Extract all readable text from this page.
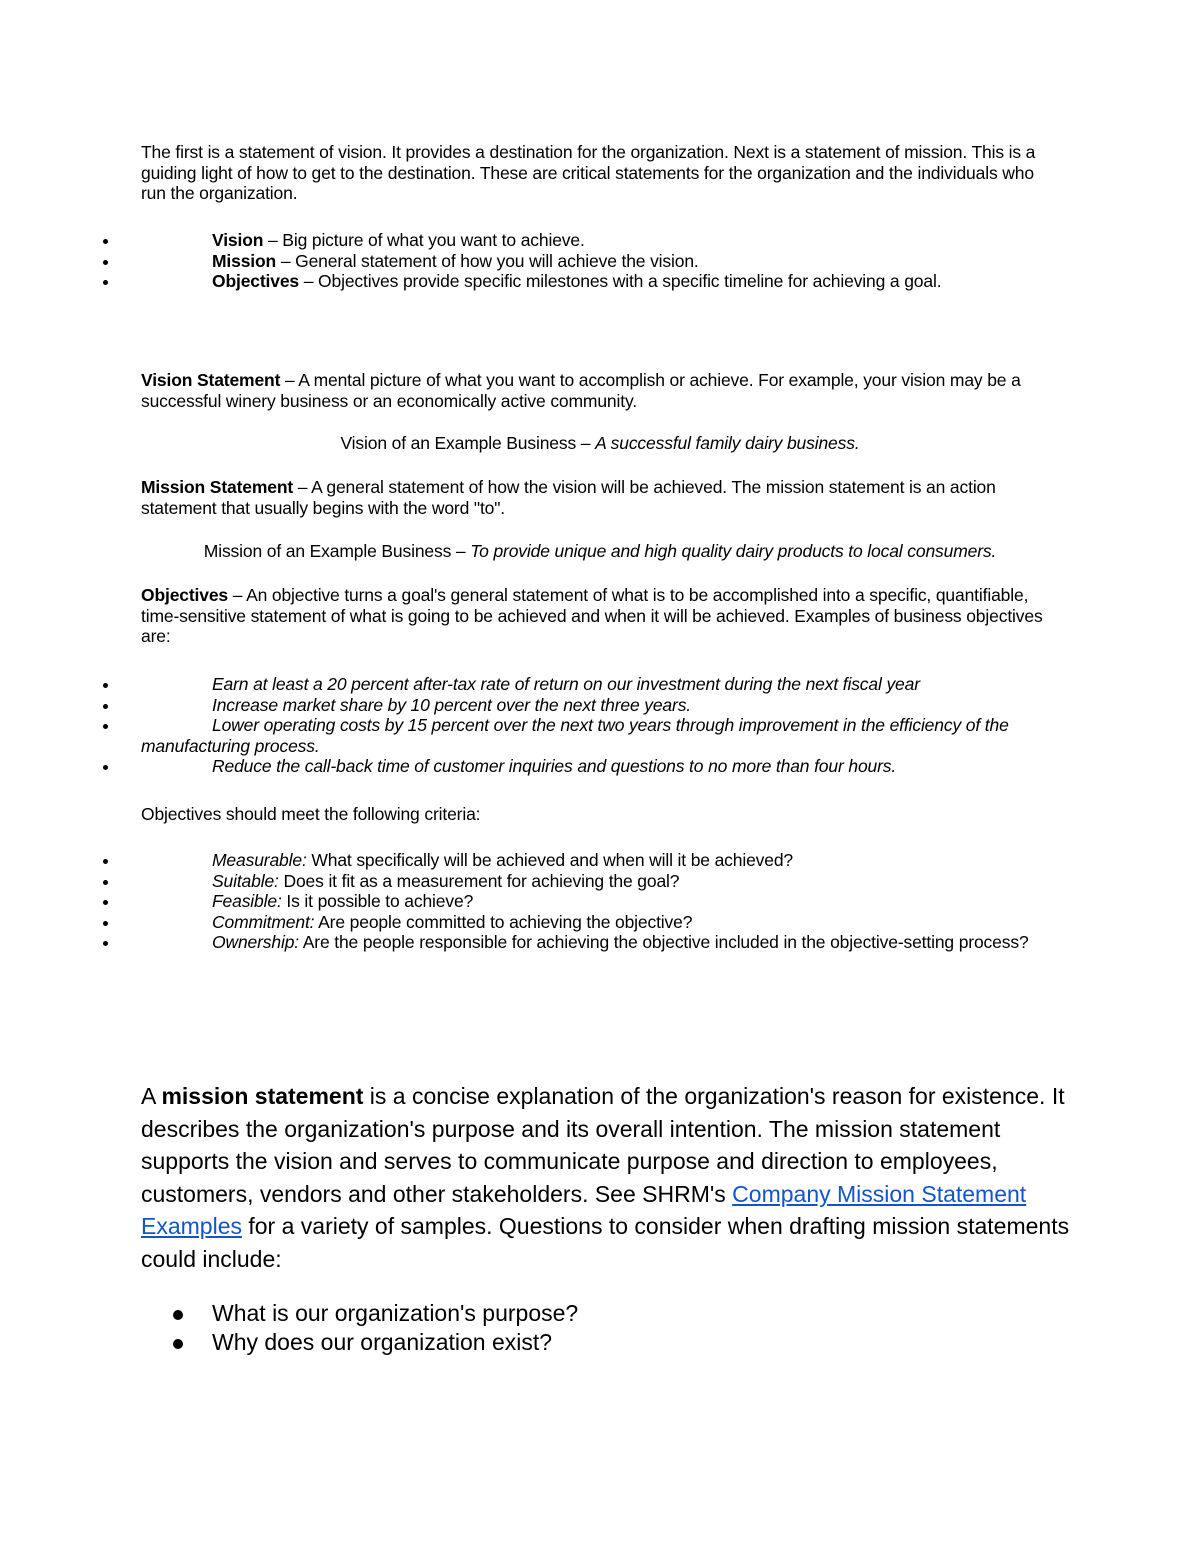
The first is a statement of vision. It provides a destination for the organization. Next is a statement of mission. This is a guiding light of how to get to the destination. These are critical statements for the organization and the individuals who run the organization.

Vision – Big picture of what you want to achieve.

Mission – General statement of how you will achieve the vision.

Objectives – Objectives provide specific milestones with a specific timeline for achieving a goal.

Vision Statement – A mental picture of what you want to accomplish or achieve. For example, your vision may be a successful winery business or an economically active community.

Vision of an Example Business – A successful family dairy business.

Mission Statement – A general statement of how the vision will be achieved. The mission statement is an action statement that usually begins with the word "to".

Mission of an Example Business – To provide unique and high quality dairy products to local consumers.

Objectives – An objective turns a goal's general statement of what is to be accomplished into a specific, quantifiable, time-sensitive statement of what is going to be achieved and when it will be achieved. Examples of business objectives are:

Earn at least a 20 percent after-tax rate of return on our investment during the next fiscal year

Increase market share by 10 percent over the next three years.

Lower operating costs by 15 percent over the next two years through improvement in the efficiency of the manufacturing process.

Reduce the call-back time of customer inquiries and questions to no more than four hours.

Objectives should meet the following criteria:

Measurable: What specifically will be achieved and when will it be achieved?

Suitable: Does it fit as a measurement for achieving the goal?

Feasible: Is it possible to achieve?

Commitment: Are people committed to achieving the objective?

Ownership: Are the people responsible for achieving the objective included in the objective-setting process?

A mission statement is a concise explanation of the organization's reason for existence. It describes the organization's purpose and its overall intention. The mission statement supports the vision and serves to communicate purpose and direction to employees, customers, vendors and other stakeholders. See SHRM's Company Mission Statement Examples for a variety of samples. Questions to consider when drafting mission statements could include:

What is our organization's purpose?

Why does our organization exist?
